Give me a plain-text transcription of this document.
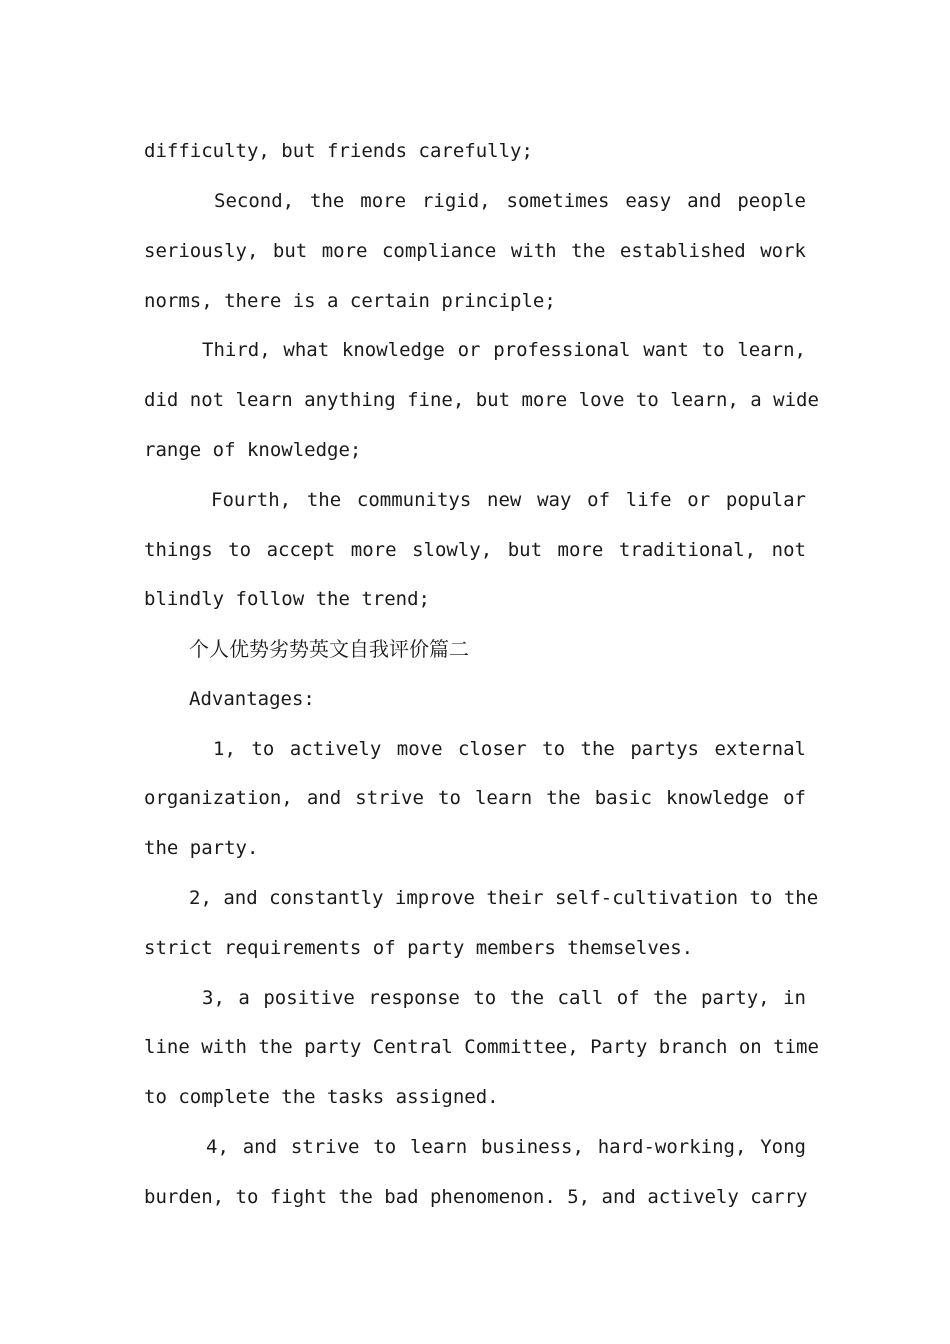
difficulty, but friends carefully;
Second, the more rigid, sometimes easy and people
seriously, but more compliance with the established work
norms, there is a certain principle;
Third, what knowledge or professional want to learn,
did not learn anything fine, but more love to learn, a wide
range of knowledge;
Fourth, the communitys new way of life or popular
things to accept more slowly, but more traditional, not
blindly follow the trend;
个人优势劣势英文自我评价篇二
Advantages:
1, to actively move closer to the partys external
organization, and strive to learn the basic knowledge of
the party.
2, and constantly improve their self-cultivation to the
strict requirements of party members themselves.
3, a positive response to the call of the party, in
line with the party Central Committee, Party branch on time
to complete the tasks assigned.
4, and strive to learn business, hard-working, Yong
burden, to fight the bad phenomenon. 5, and actively carry
